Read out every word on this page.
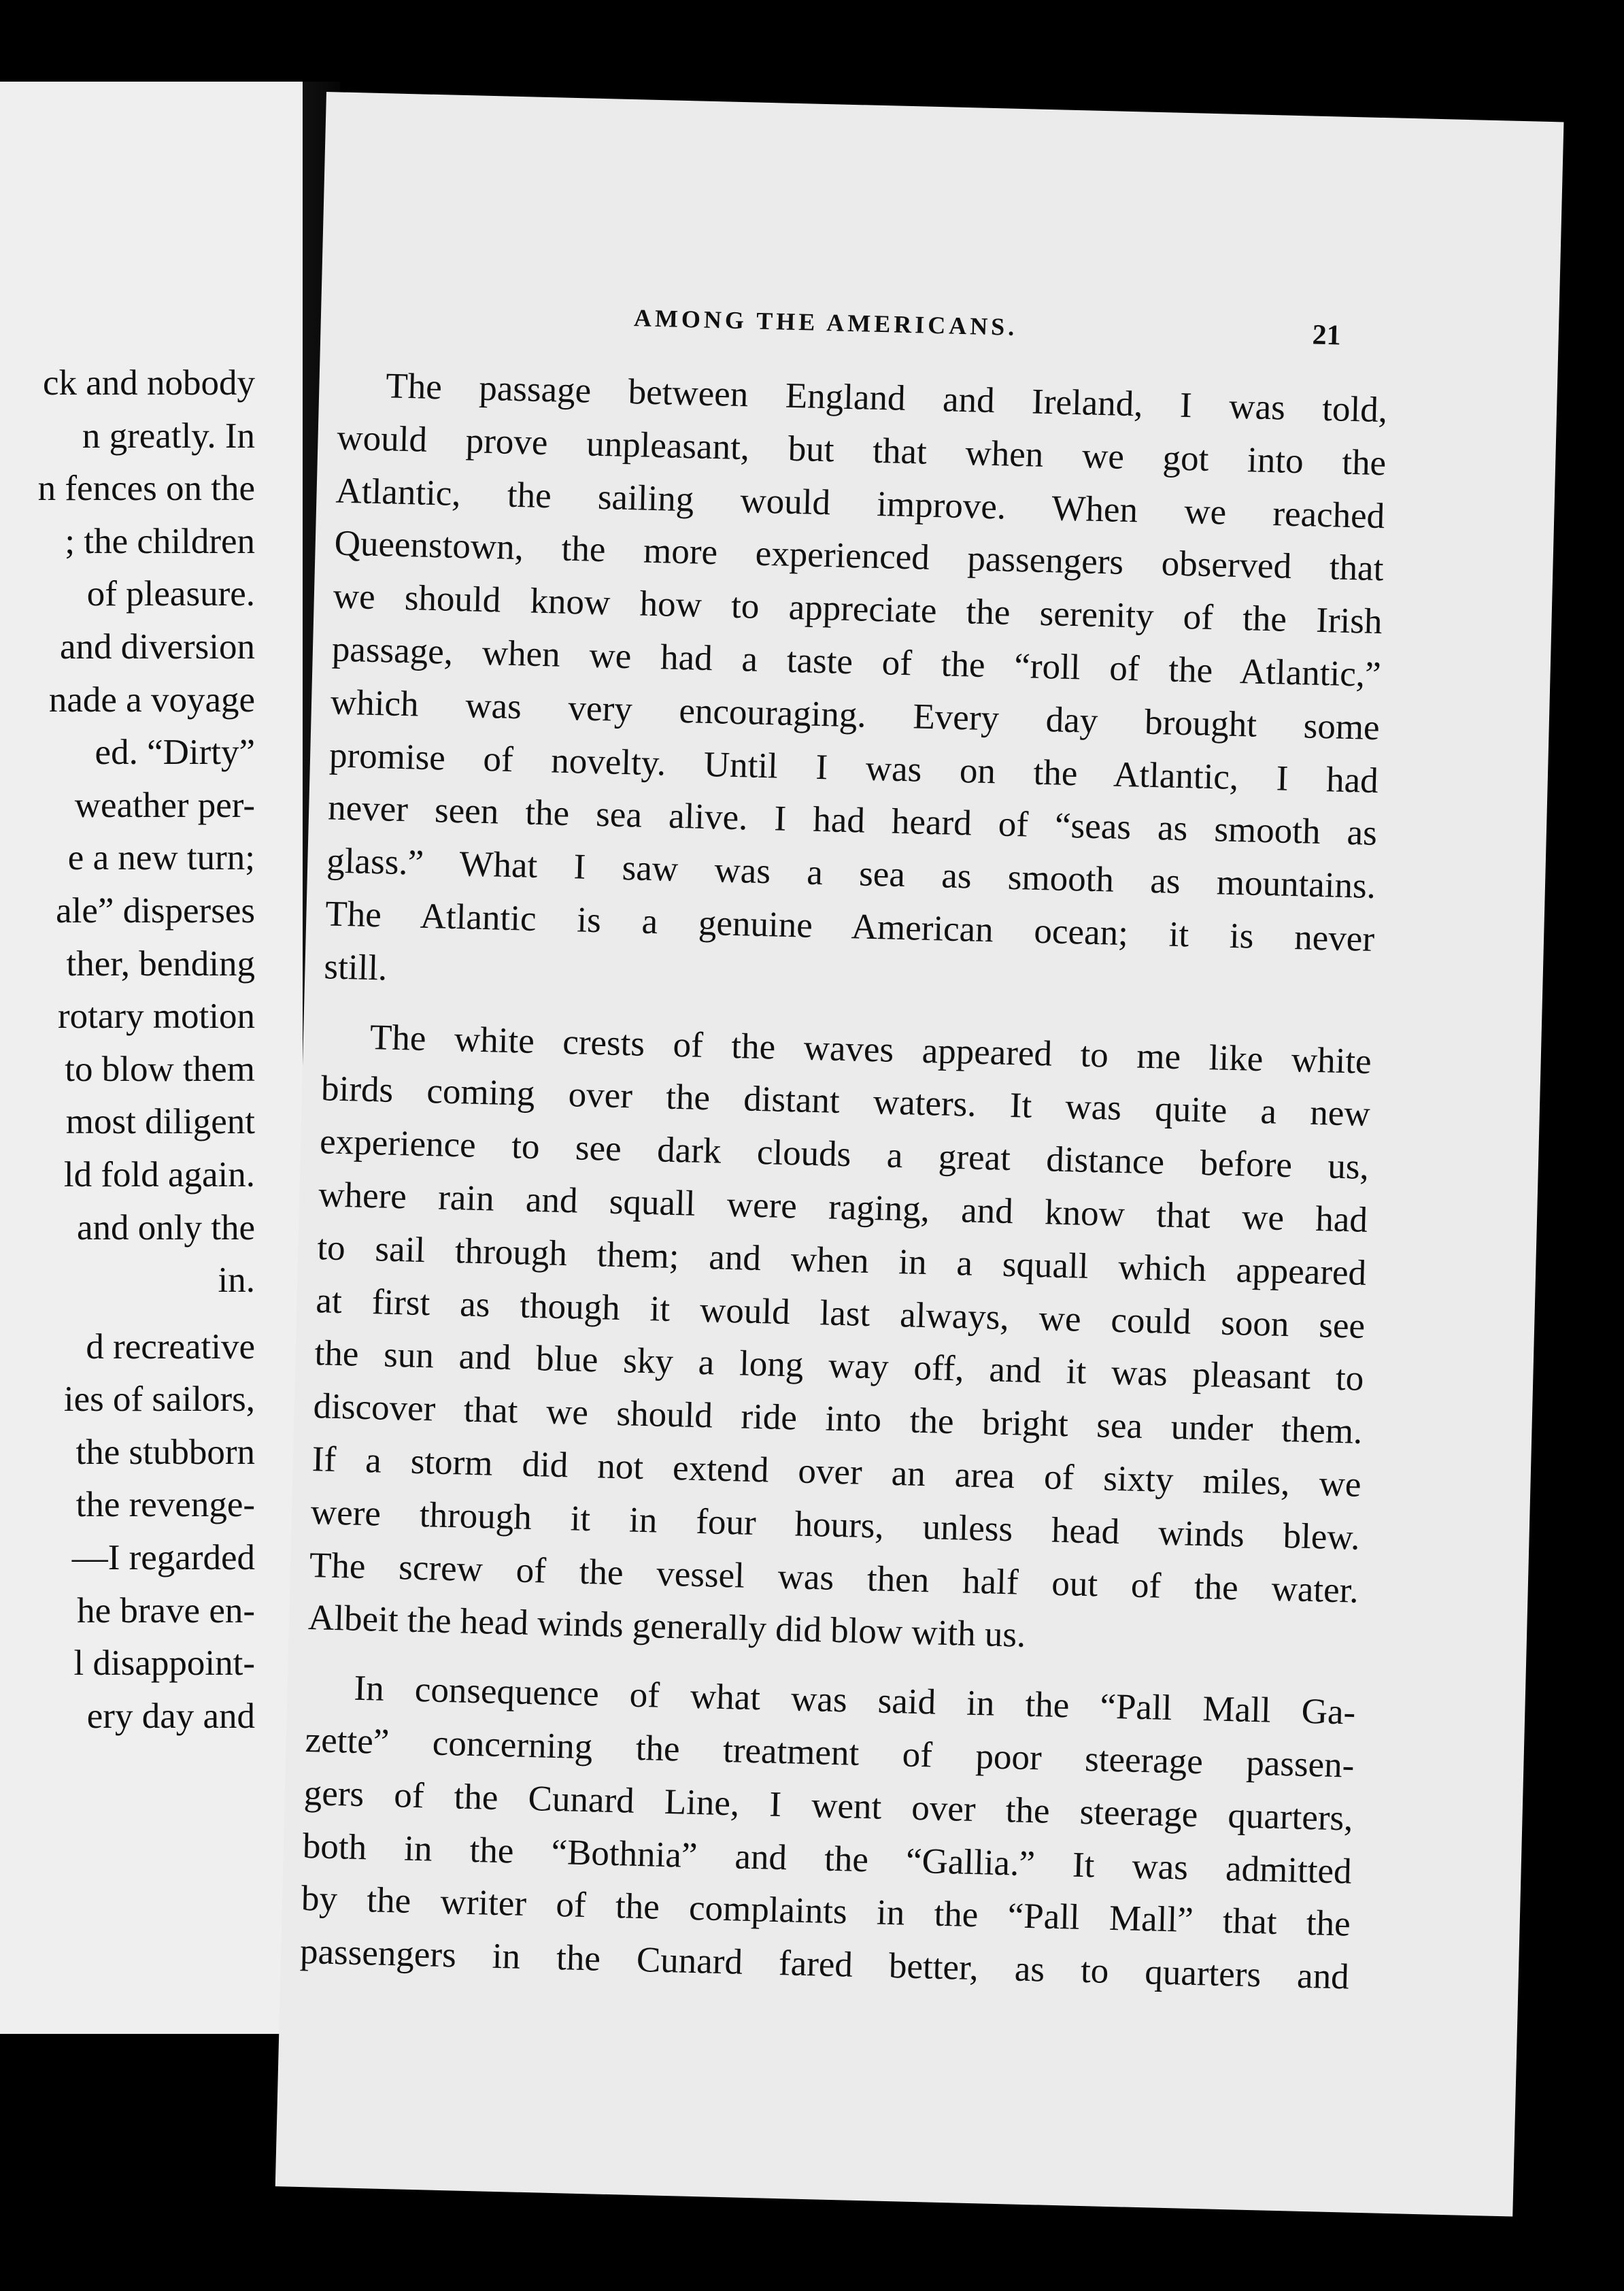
ck and nobody
n greatly. In
n fences on the
; the children
of pleasure.
and diversion
nade a voyage
ed. “Dirty”
weather per-
e a new turn;
ale” disperses
ther, bending
rotary motion
to blow them
most diligent
ld fold again.
and only the
in.
d recreative
ies of sailors,
the stubborn
the revenge-
—I regarded
he brave en-
l disappoint-
ery day and
AMONG THE AMERICANS.	21
The passage between England and Ireland, I was told,
would prove unpleasant, but that when we got into the
Atlantic, the sailing would improve. When we reached
Queenstown, the more experienced passengers observed that
we should know how to appreciate the serenity of the Irish
passage, when we had a taste of the “roll of the Atlantic,”
which was very encouraging. Every day brought some
promise of novelty. Until I was on the Atlantic, I had
never seen the sea alive. I had heard of “seas as smooth as
glass.” What I saw was a sea as smooth as mountains.
The Atlantic is a genuine American ocean; it is never
still.
The white crests of the waves appeared to me like white
birds coming over the distant waters. It was quite a new
experience to see dark clouds a great distance before us,
where rain and squall were raging, and know that we had
to sail through them; and when in a squall which appeared
at first as though it would last always, we could soon see
the sun and blue sky a long way off, and it was pleasant to
discover that we should ride into the bright sea under them.
If a storm did not extend over an area of sixty miles, we
were through it in four hours, unless head winds blew.
The screw of the vessel was then half out of the water.
Albeit the head winds generally did blow with us.
In consequence of what was said in the “Pall Mall Ga-
zette” concerning the treatment of poor steerage passen-
gers of the Cunard Line, I went over the steerage quarters,
both in the “Bothnia” and the “Gallia.” It was admitted
by the writer of the complaints in the “Pall Mall” that the
passengers in the Cunard fared better, as to quarters and
